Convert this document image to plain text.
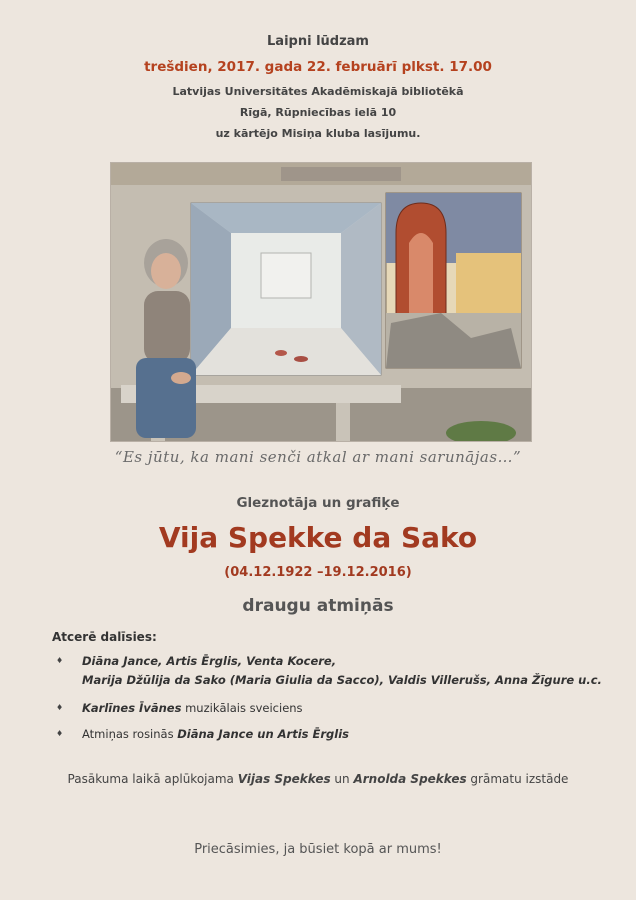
Laipni lūdzam
trešdien, 2017. gada 22. februārī plkst. 17.00
Latvijas Universitātes Akadēmiskajā bibliotēkā
Rīgā, Rūpniecības ielā 10
uz kārtējo Misiņa kluba lasījumu.
“Es jūtu, ka mani senči atkal ar mani sarunājas…”
Gleznotāja un grafiķe
Vija Spekke da Sako
(04.12.1922 –19.12.2016)
draugu atmiņās
Atcerē dalīsies:
♦ Diāna Jance, Artis Ērglis, Venta Kocere,
Marija Džūlija da Sako (Maria Giulia da Sacco), Valdis Villerušs, Anna Žīgure u.c.
♦ Karlīnes Īvānes muzikālais sveiciens
♦ Atmiņas rosinās Diāna Jance un Artis Ērglis
Pasākuma laikā aplūkojama Vijas Spekkes un Arnolda Spekkes grāmatu izstāde
Priecāsimies, ja būsiet kopā ar mums!
